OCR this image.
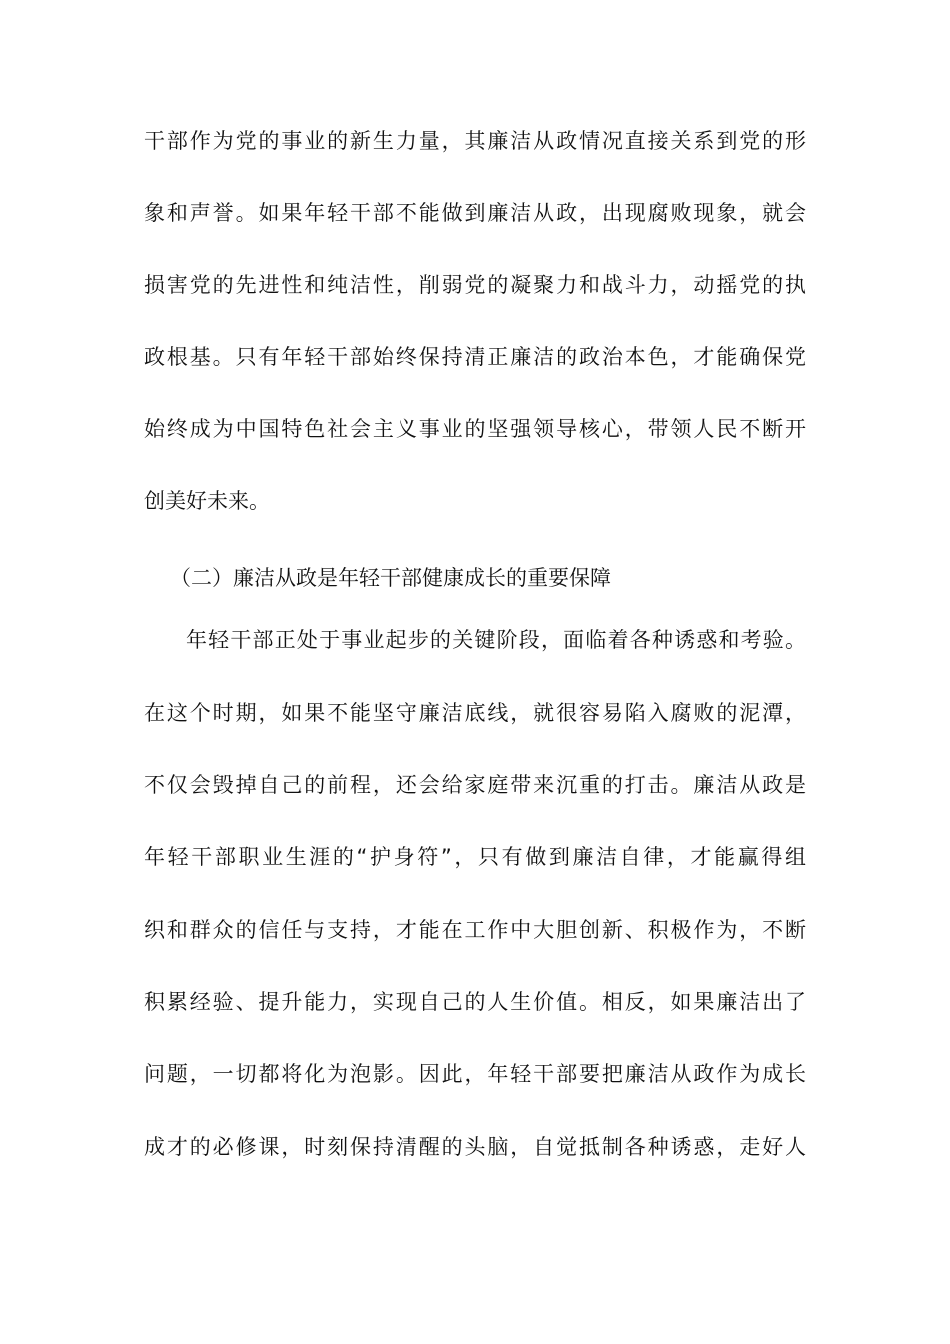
干部作为党的事业的新生力量，其廉洁从政情况直接关系到党的形
象和声誉。如果年轻干部不能做到廉洁从政，出现腐败现象，就会
损害党的先进性和纯洁性，削弱党的凝聚力和战斗力，动摇党的执
政根基。只有年轻干部始终保持清正廉洁的政治本色，才能确保党
始终成为中国特色社会主义事业的坚强领导核心，带领人民不断开
创美好未来。
（二）廉洁从政是年轻干部健康成长的重要保障
年轻干部正处于事业起步的关键阶段，面临着各种诱惑和考验。
在这个时期，如果不能坚守廉洁底线，就很容易陷入腐败的泥潭，
不仅会毁掉自己的前程，还会给家庭带来沉重的打击。廉洁从政是
年轻干部职业生涯的“护身符”，只有做到廉洁自律，才能赢得组
织和群众的信任与支持，才能在工作中大胆创新、积极作为，不断
积累经验、提升能力，实现自己的人生价值。相反，如果廉洁出了
问题，一切都将化为泡影。因此，年轻干部要把廉洁从政作为成长
成才的必修课，时刻保持清醒的头脑，自觉抵制各种诱惑，走好人
